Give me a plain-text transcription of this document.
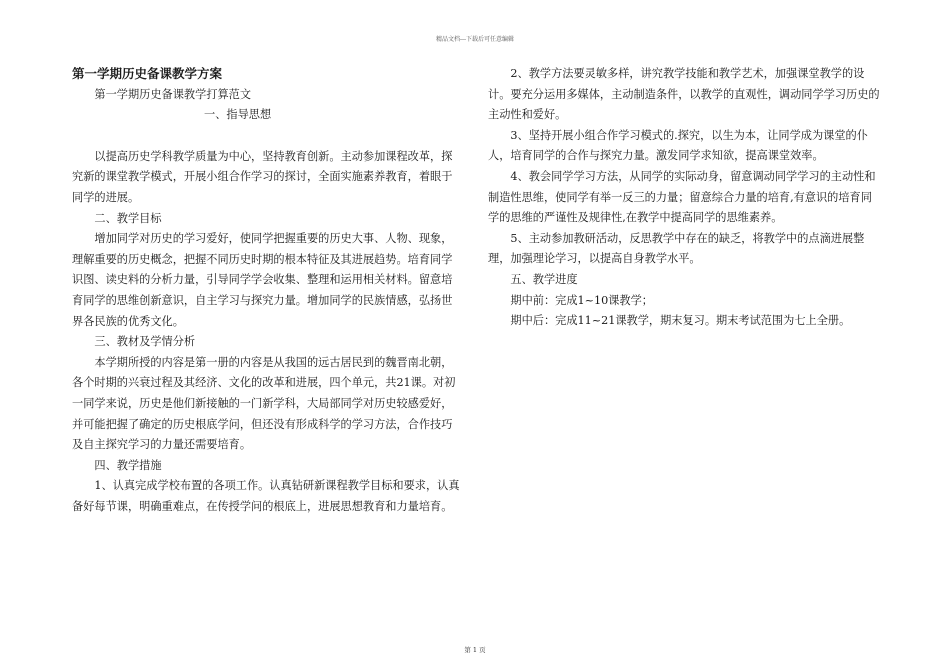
精品文档---下载后可任意编辑

第一学期历史备课教学方案

第一学期历史备课教学打算范文

一、指导思想

以提高历史学科教学质量为中心，坚持教育创新。主动参加课程改革，探究新的课堂教学模式，开展小组合作学习的探讨，全面实施素养教育，着眼于同学的进展。

二、教学目标

增加同学对历史的学习爱好，使同学把握重要的历史大事、人物、现象，理解重要的历史概念，把握不同历史时期的根本特征及其进展趋势。培育同学识图、读史料的分析力量，引导同学学会收集、整理和运用相关材料。留意培育同学的思维创新意识，自主学习与探究力量。增加同学的民族情感，弘扬世界各民族的优秀文化。

三、教材及学情分析

本学期所授的内容是第一册的内容是从我国的远古居民到的魏晋南北朝，各个时期的兴衰过程及其经济、文化的改革和进展，四个单元，共21课。对初一同学来说，历史是他们新接触的一门新学科，大局部同学对历史较感爱好，并可能把握了确定的历史根底学问，但还没有形成科学的学习方法，合作技巧及自主探究学习的力量还需要培育。

四、教学措施

1、认真完成学校布置的各项工作。认真钻研新课程教学目标和要求，认真备好每节课，明确重难点，在传授学问的根底上，进展思想教育和力量培育。

2、教学方法要灵敏多样，讲究教学技能和教学艺术，加强课堂教学的设计。要充分运用多媒体，主动制造条件，以教学的直观性，调动同学学习历史的主动性和爱好。

3、坚持开展小组合作学习模式的.探究，以生为本，让同学成为课堂的仆人，培育同学的合作与探究力量。激发同学求知欲，提高课堂效率。

4、教会同学学习方法，从同学的实际动身，留意调动同学学习的主动性和制造性思维，使同学有举一反三的力量；留意综合力量的培育,有意识的培育同学的思维的严谨性及规律性,在教学中提高同学的思维素养。

5、主动参加教研活动，反思教学中存在的缺乏，将教学中的点滴进展整理，加强理论学习，以提高自身教学水平。

五、教学进度

期中前：完成1~10课教学；

期中后：完成11~21课教学，期末复习。期末考试范围为七上全册。

第 1 页
